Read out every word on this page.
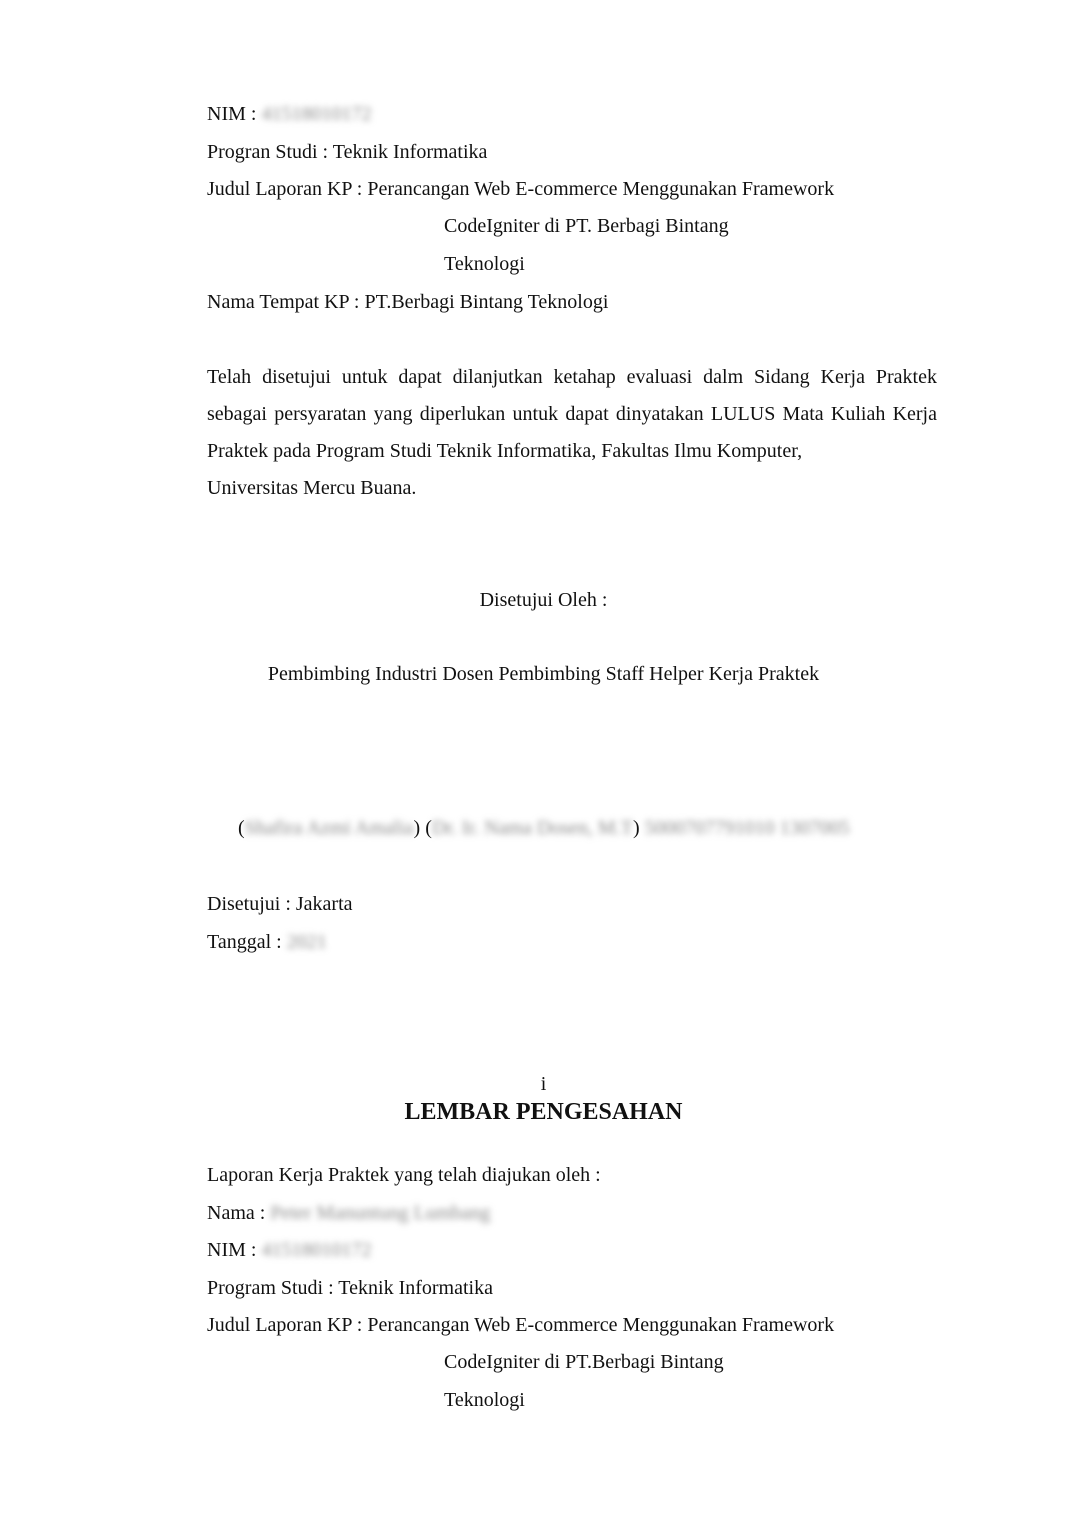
NIM : 41518010172
Progran Studi : Teknik Informatika
Judul Laporan KP : Perancangan Web E-commerce Menggunakan Framework
CodeIgniter di PT. Berbagi Bintang
Teknologi
Nama Tempat KP : PT.Berbagi Bintang Teknologi
Telah disetujui untuk dapat dilanjutkan ketahap evaluasi dalm Sidang Kerja Praktek sebagai persyaratan yang diperlukan untuk dapat dinyatakan LULUS Mata Kuliah Kerja Praktek pada Program Studi Teknik Informatika, Fakultas Ilmu Komputer,
Universitas Mercu Buana.
Disetujui Oleh :
Pembimbing Industri Dosen Pembimbing Staff Helper Kerja Praktek
(Shafira Azmi Amalia) (Dr. Ir. Nama Dosen, M.T) 5000707791010 1307005
Disetujui : Jakarta
Tanggal : 2021
i
LEMBAR PENGESAHAN
Laporan Kerja Praktek yang telah diajukan oleh :
Nama : Peter Manuntung Lumbang
NIM : 41518010172
Program Studi : Teknik Informatika
Judul Laporan KP : Perancangan Web E-commerce Menggunakan Framework
CodeIgniter di PT.Berbagi Bintang
Teknologi
